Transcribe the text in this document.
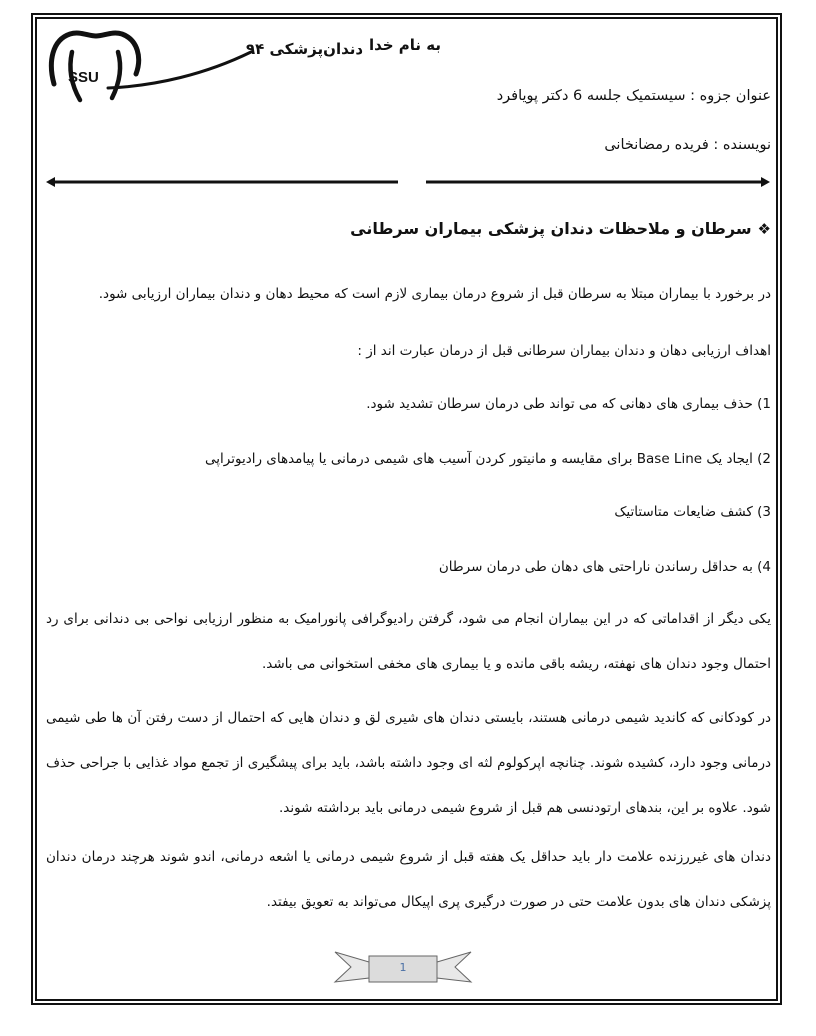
SSU
دندان‌پزشکی ۹۴ به نام خدا
عنوان جزوه : سیستمیک جلسه 6 دکتر پویافرد
نویسنده : فریده رمضانخانی
❖سرطان و ملاحظات دندان پزشکی بیماران سرطانی
در برخورد با بیماران مبتلا به سرطان قبل از شروع درمان بیماری لازم است که محیط دهان و دندان بیماران ارزیابی شود.
اهداف ارزیابی دهان و دندان بیماران سرطانی قبل از درمان عبارت اند از :
1) حذف بیماری های دهانی که می تواند طی درمان سرطان تشدید شود.
2) ایجاد یک Base Line برای مقایسه و مانیتور کردن آسیب های شیمی درمانی یا پیامدهای رادیوتراپی
3) کشف ضایعات متاستاتیک
4) به حداقل رساندن ناراحتی های دهان طی درمان سرطان
یکی دیگر از اقداماتی که در این بیماران انجام می شود، گرفتن رادیوگرافی پانورامیک به منظور ارزیابی نواحی بی دندانی برای رد احتمال وجود دندان های نهفته، ریشه باقی مانده و یا بیماری های مخفی استخوانی می باشد.
در کودکانی که کاندید شیمی درمانی هستند، بایستی دندان های شیری لق و دندان هایی که احتمال از دست رفتن آن ها طی شیمی درمانی وجود دارد، کشیده شوند. چنانچه اپرکولوم لثه ای وجود داشته باشد، باید برای پیشگیری از تجمع مواد غذایی با جراحی حذف شود. علاوه بر این، بندهای ارتودنسی هم قبل از شروع شیمی درمانی باید برداشته شوند.
دندان های غیررزنده علامت دار باید حداقل یک هفته قبل از شروع شیمی درمانی یا اشعه درمانی، اندو شوند هرچند درمان دندان پزشکی دندان های بدون علامت حتی در صورت درگیری پری اپیکال می‌تواند به تعویق بیفتد.
1
